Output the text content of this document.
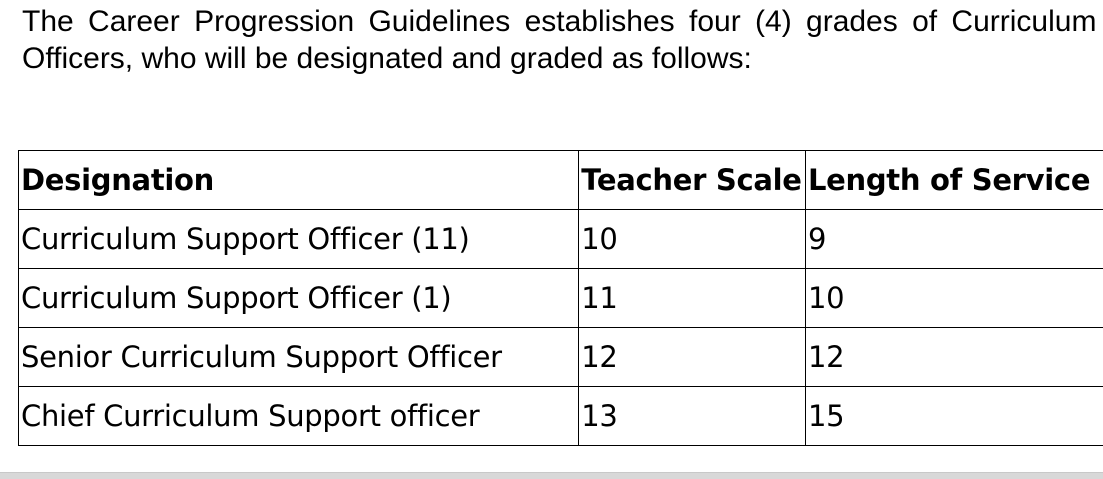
The Career Progression Guidelines establishes four (4) grades of Curriculum
Officers, who will be designated and graded as follows:
Designation	Teacher Scale	Length of Service
Curriculum Support Officer (11)	10	9
Curriculum Support Officer (1)	11	10
Senior Curriculum Support Officer	12	12
Chief Curriculum Support officer	13	15
